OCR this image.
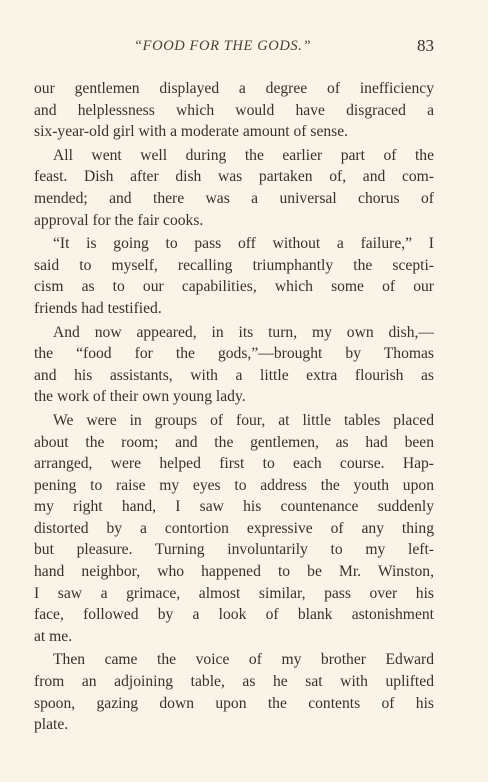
“FOOD FOR THE GODS.”	83
our gentlemen displayed a degree of inefficiency
and helplessness which would have disgraced a
six-year-old girl with a moderate amount of sense.
All went well during the earlier part of the
feast. Dish after dish was partaken of, and com-
mended; and there was a universal chorus of
approval for the fair cooks.
“It is going to pass off without a failure,” I
said to myself, recalling triumphantly the scepti-
cism as to our capabilities, which some of our
friends had testified.
And now appeared, in its turn, my own dish,—
the “food for the gods,”—brought by Thomas
and his assistants, with a little extra flourish as
the work of their own young lady.
We were in groups of four, at little tables placed
about the room; and the gentlemen, as had been
arranged, were helped first to each course. Hap-
pening to raise my eyes to address the youth upon
my right hand, I saw his countenance suddenly
distorted by a contortion expressive of any thing
but pleasure. Turning involuntarily to my left-
hand neighbor, who happened to be Mr. Winston,
I saw a grimace, almost similar, pass over his
face, followed by a look of blank astonishment
at me.
Then came the voice of my brother Edward
from an adjoining table, as he sat with uplifted
spoon, gazing down upon the contents of his
plate.
